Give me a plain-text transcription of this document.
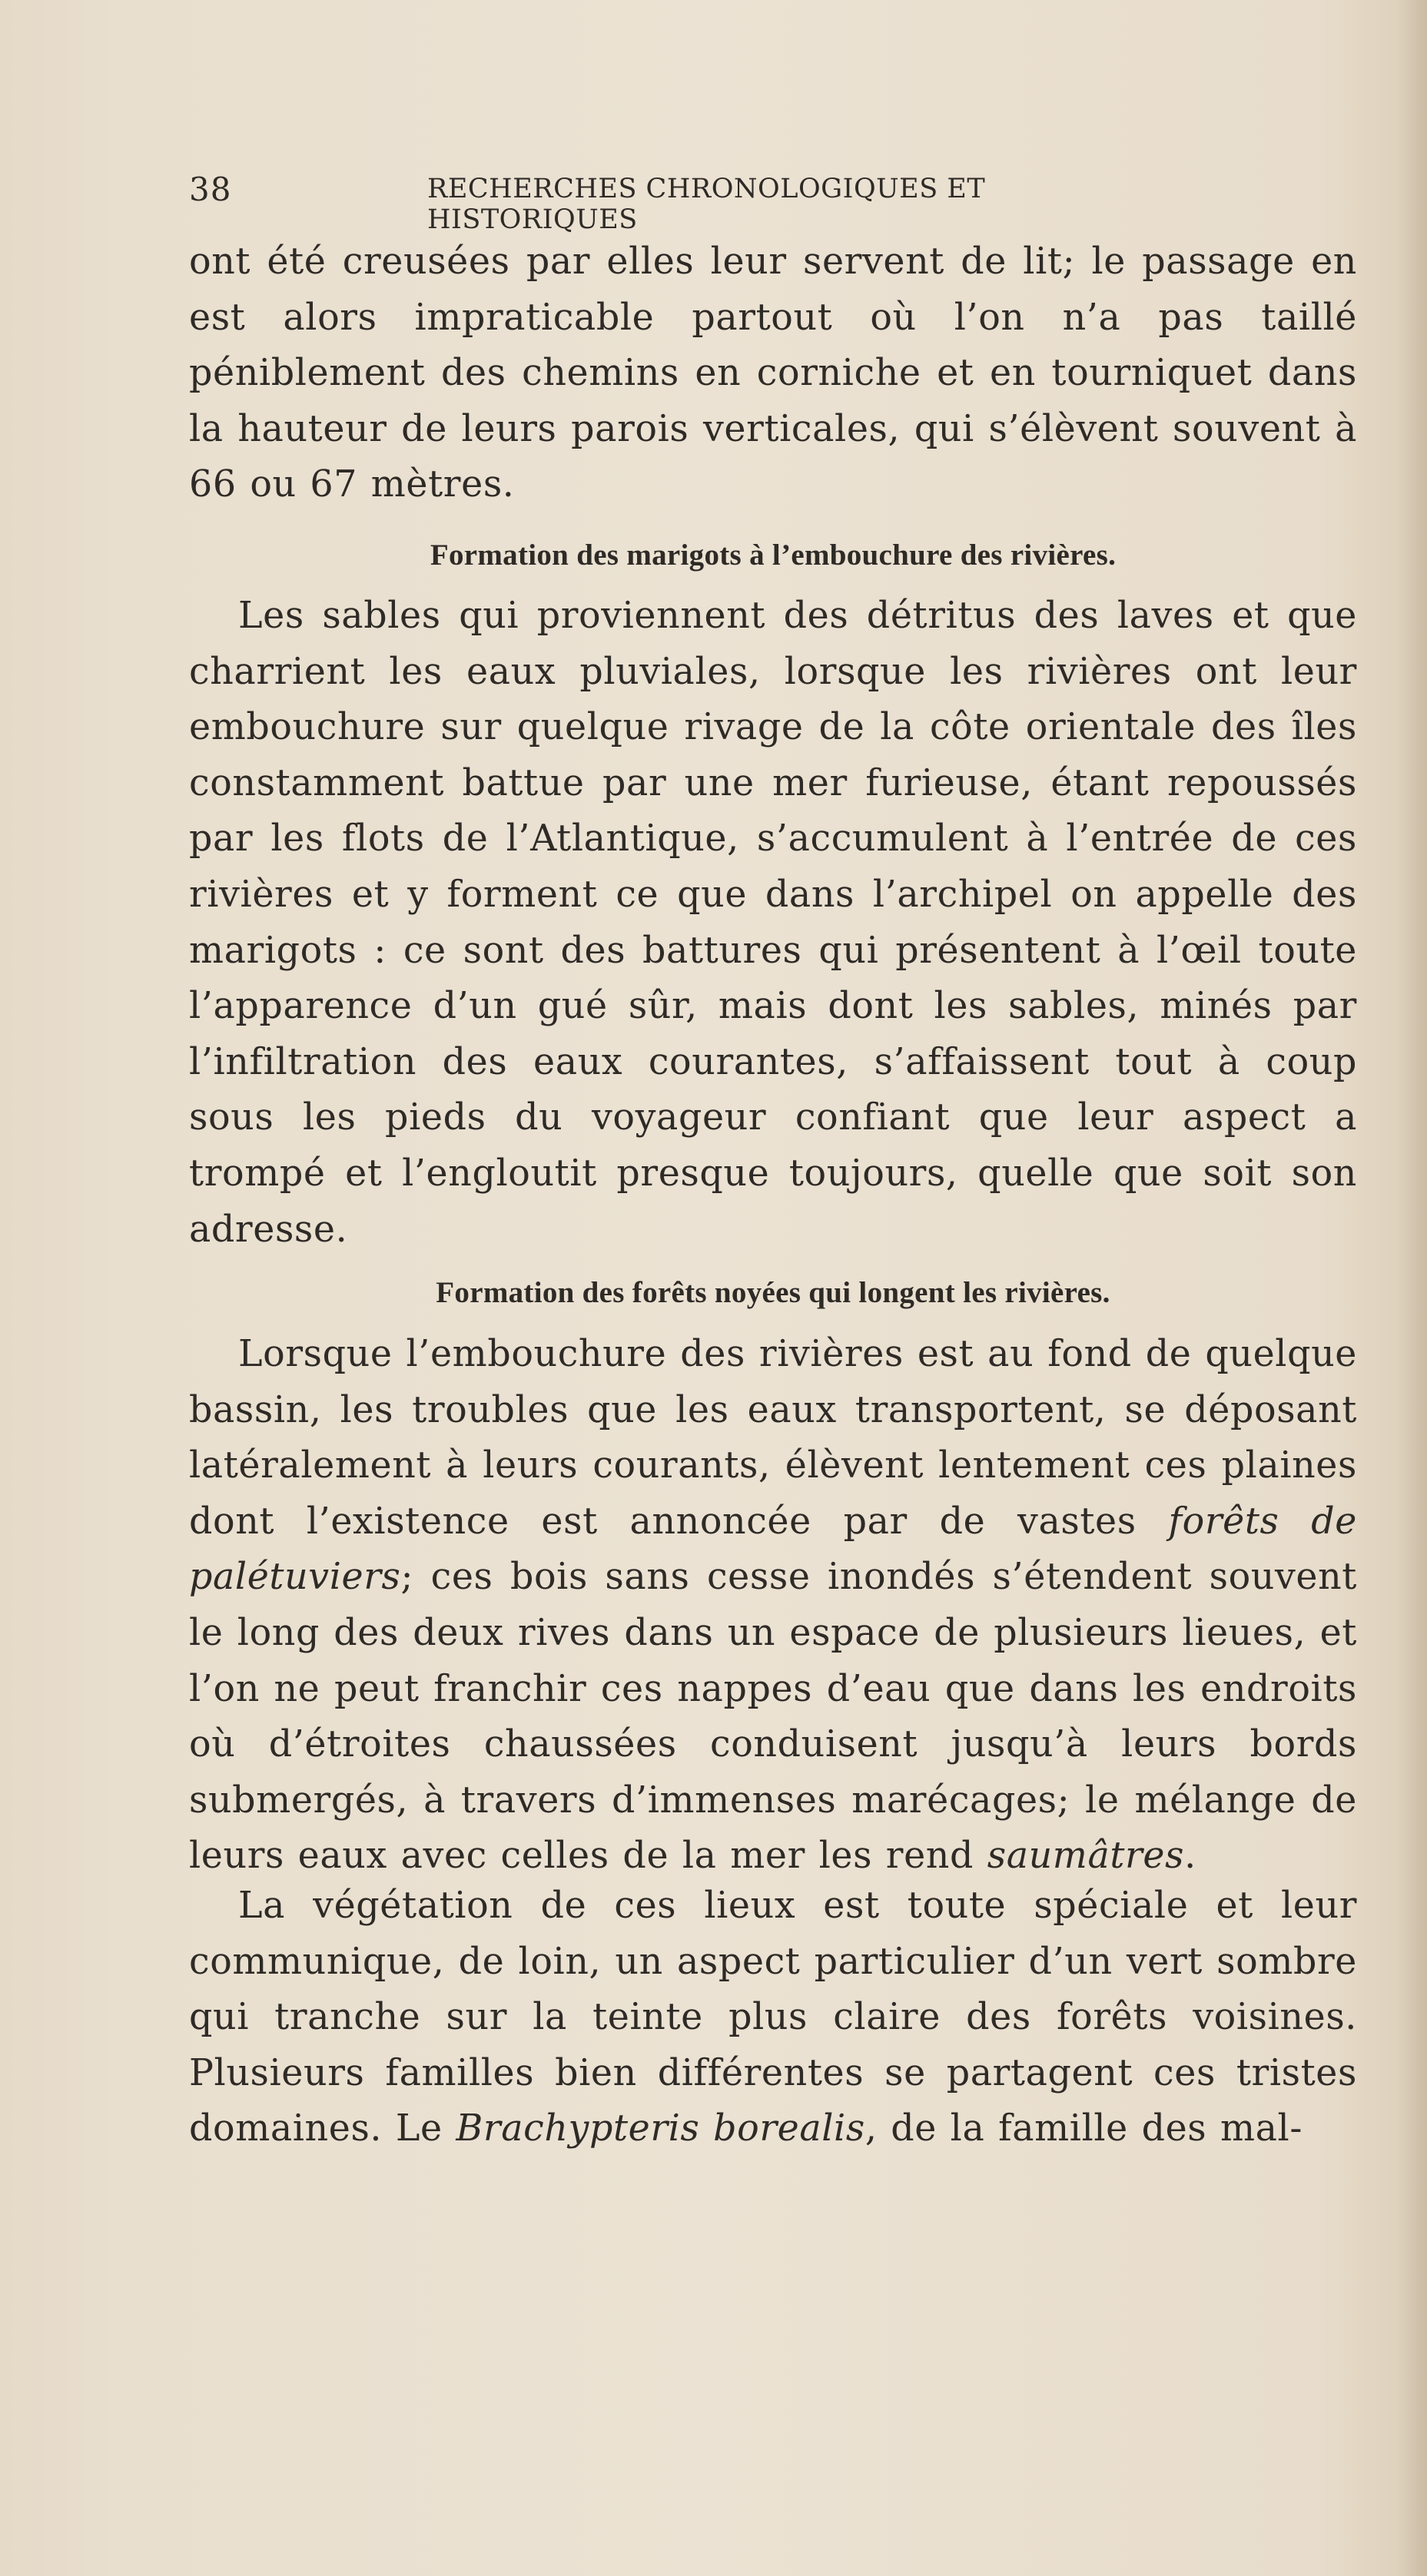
38	RECHERCHES CHRONOLOGIQUES ET HISTORIQUES

ont été creusées par elles leur servent de lit; le passage en est alors impraticable partout où l’on n’a pas taillé péniblement des chemins en corniche et en tourniquet dans la hauteur de leurs parois verticales, qui s’élèvent souvent à 66 ou 67 mètres.

Formation des marigots à l’embouchure des rivières.

Les sables qui proviennent des détritus des laves et que charrient les eaux pluviales, lorsque les rivières ont leur embouchure sur quelque rivage de la côte orientale des îles constamment battue par une mer furieuse, étant repoussés par les flots de l’Atlantique, s’accumulent à l’entrée de ces rivières et y forment ce que dans l’archipel on appelle des marigots : ce sont des battures qui présentent à l’œil toute l’apparence d’un gué sûr, mais dont les sables, minés par l’infiltration des eaux courantes, s’affaissent tout à coup sous les pieds du voyageur confiant que leur aspect a trompé et l’engloutit presque toujours, quelle que soit son adresse.

Formation des forêts noyées qui longent les rivières.

Lorsque l’embouchure des rivières est au fond de quelque bassin, les troubles que les eaux transportent, se déposant latéralement à leurs courants, élèvent lentement ces plaines dont l’existence est annoncée par de vastes forêts de palétuviers; ces bois sans cesse inondés s’étendent souvent le long des deux rives dans un espace de plusieurs lieues, et l’on ne peut franchir ces nappes d’eau que dans les endroits où d’étroites chaussées conduisent jusqu’à leurs bords submergés, à travers d’immenses marécages; le mélange de leurs eaux avec celles de la mer les rend saumâtres.

La végétation de ces lieux est toute spéciale et leur communique, de loin, un aspect particulier d’un vert sombre qui tranche sur la teinte plus claire des forêts voisines. Plusieurs familles bien différentes se partagent ces tristes domaines. Le Brachypteris borealis, de la famille des mal-
